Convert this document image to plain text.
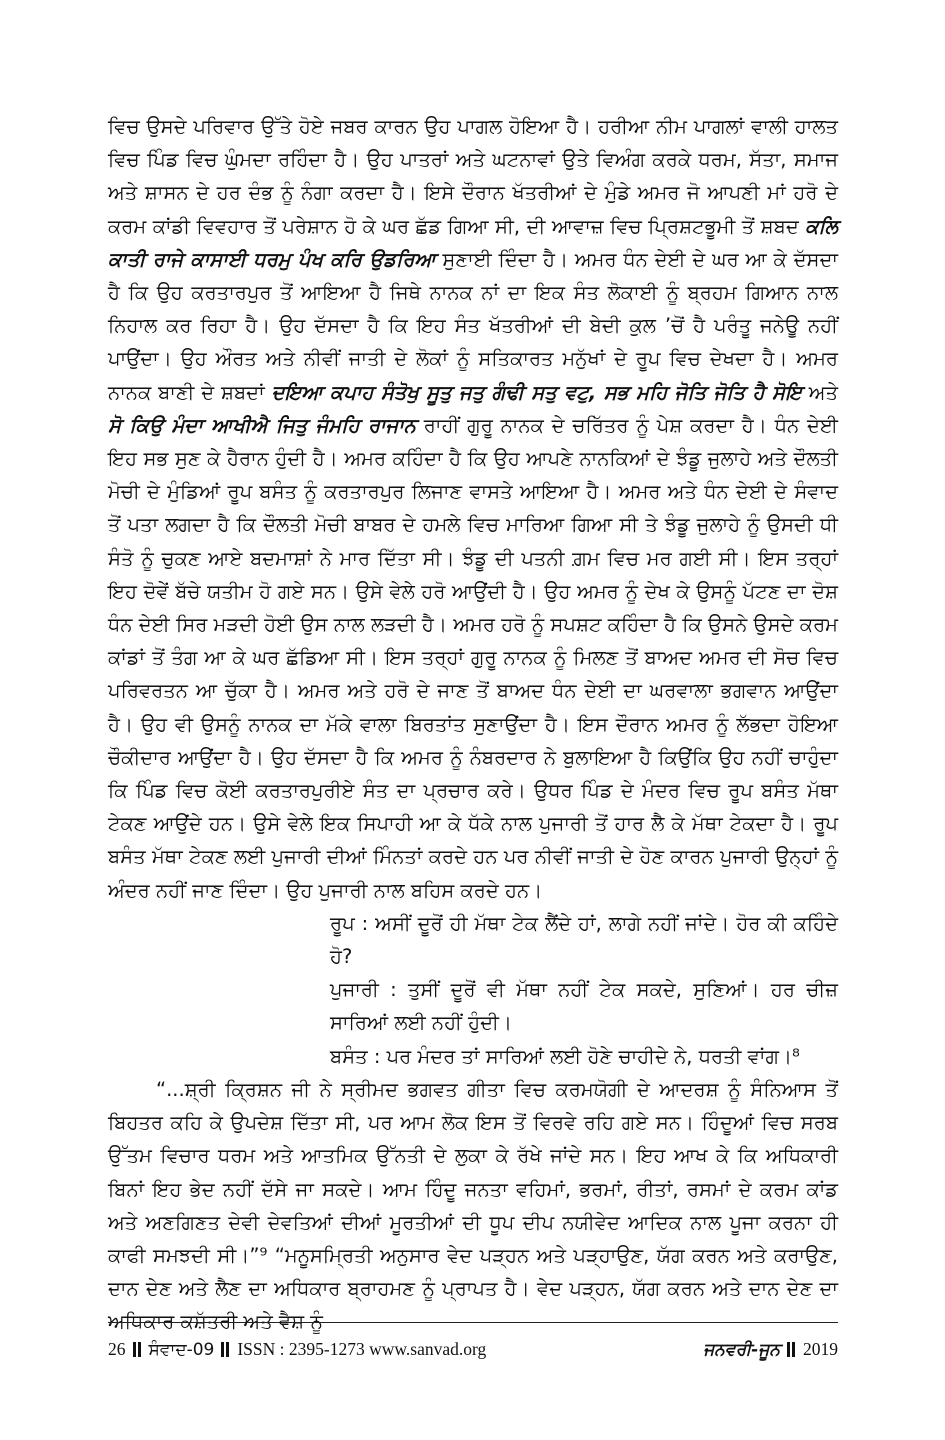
ਵਿਚ ਉਸਦੇ ਪਰਿਵਾਰ ਉੱਤੇ ਹੋਏ ਜਬਰ ਕਾਰਨ ਉਹ ਪਾਗਲ ਹੋਇਆ ਹੈ। ਹਰੀਆ ਨੀਮ ਪਾਗਲਾਂ ਵਾਲੀ ਹਾਲਤ ਵਿਚ ਪਿੰਡ ਵਿਚ ਘੁੰਮਦਾ ਰਹਿੰਦਾ ਹੈ। ਉਹ ਪਾਤਰਾਂ ਅਤੇ ਘਟਨਾਵਾਂ ਉਤੇ ਵਿਅੰਗ ਕਰਕੇ ਧਰਮ, ਸੱਤਾ, ਸਮਾਜ ਅਤੇ ਸ਼ਾਸਨ ਦੇ ਹਰ ਦੰਭ ਨੂੰ ਨੰਗਾ ਕਰਦਾ ਹੈ। ਇਸੇ ਦੌਰਾਨ ਖੱਤਰੀਆਂ ਦੇ ਮੁੰਡੇ ਅਮਰ ਜੋ ਆਪਣੀ ਮਾਂ ਹਰੋ ਦੇ ਕਰਮ ਕਾਂਡੀ ਵਿਵਹਾਰ ਤੋਂ ਪਰੇਸ਼ਾਨ ਹੋ ਕੇ ਘਰ ਛੱਡ ਗਿਆ ਸੀ, ਦੀ ਆਵਾਜ਼ ਵਿਚ ਪ੍ਰਿਸ਼ਟਭੂਮੀ ਤੋਂ ਸ਼ਬਦ ਕਲਿ ਕਾਤੀ ਰਾਜੇ ਕਾਸਾਈ ਧਰਮੁ ਪੰਖ ਕਰਿ ਉਡਰਿਆ ਸੁਣਾਈ ਦਿੰਦਾ ਹੈ। ਅਮਰ ਧੰਨ ਦੇਈ ਦੇ ਘਰ ਆ ਕੇ ਦੱਸਦਾ ਹੈ ਕਿ ਉਹ ਕਰਤਾਰਪੁਰ ਤੋਂ ਆਇਆ ਹੈ ਜਿਥੇ ਨਾਨਕ ਨਾਂ ਦਾ ਇਕ ਸੰਤ ਲੋਕਾਈ ਨੂੰ ਬ੍ਰਹਮ ਗਿਆਨ ਨਾਲ ਨਿਹਾਲ ਕਰ ਰਿਹਾ ਹੈ। ਉਹ ਦੱਸਦਾ ਹੈ ਕਿ ਇਹ ਸੰਤ ਖੱਤਰੀਆਂ ਦੀ ਬੇਦੀ ਕੁਲ ’ਚੋਂ ਹੈ ਪਰੰਤੂ ਜਨੇਊ ਨਹੀਂ ਪਾਉਂਦਾ। ਉਹ ਔਰਤ ਅਤੇ ਨੀਵੀਂ ਜਾਤੀ ਦੇ ਲੋਕਾਂ ਨੂੰ ਸਤਿਕਾਰਤ ਮਨੁੱਖਾਂ ਦੇ ਰੂਪ ਵਿਚ ਦੇਖਦਾ ਹੈ। ਅਮਰ ਨਾਨਕ ਬਾਣੀ ਦੇ ਸ਼ਬਦਾਂ ਦਇਆ ਕਪਾਹ ਸੰਤੋਖੁ ਸੂਤੁ ਜਤੁ ਗੰਢੀ ਸਤੁ ਵਟੁ, ਸਭ ਮਹਿ ਜੋਤਿ ਜੋਤਿ ਹੈ ਸੋਇ ਅਤੇ ਸੋ ਕਿਉ ਮੰਦਾ ਆਖੀਐ ਜਿਤੁ ਜੰਮਹਿ ਰਾਜਾਨ ਰਾਹੀਂ ਗੁਰੂ ਨਾਨਕ ਦੇ ਚਰਿੱਤਰ ਨੂੰ ਪੇਸ਼ ਕਰਦਾ ਹੈ। ਧੰਨ ਦੇਈ ਇਹ ਸਭ ਸੁਣ ਕੇ ਹੈਰਾਨ ਹੁੰਦੀ ਹੈ। ਅਮਰ ਕਹਿੰਦਾ ਹੈ ਕਿ ਉਹ ਆਪਣੇ ਨਾਨਕਿਆਂ ਦੇ ਝੰਡੂ ਜੁਲਾਹੇ ਅਤੇ ਦੌਲਤੀ ਮੋਚੀ ਦੇ ਮੁੰਡਿਆਂ ਰੂਪ ਬਸੰਤ ਨੂੰ ਕਰਤਾਰਪੁਰ ਲਿਜਾਣ ਵਾਸਤੇ ਆਇਆ ਹੈ। ਅਮਰ ਅਤੇ ਧੰਨ ਦੇਈ ਦੇ ਸੰਵਾਦ ਤੋਂ ਪਤਾ ਲਗਦਾ ਹੈ ਕਿ ਦੌਲਤੀ ਮੋਚੀ ਬਾਬਰ ਦੇ ਹਮਲੇ ਵਿਚ ਮਾਰਿਆ ਗਿਆ ਸੀ ਤੇ ਝੰਡੂ ਜੁਲਾਹੇ ਨੂੰ ਉਸਦੀ ਧੀ ਸੰਤੋ ਨੂੰ ਚੁਕਣ ਆਏ ਬਦਮਾਸ਼ਾਂ ਨੇ ਮਾਰ ਦਿੱਤਾ ਸੀ। ਝੰਡੂ ਦੀ ਪਤਨੀ ਗ਼ਮ ਵਿਚ ਮਰ ਗਈ ਸੀ। ਇਸ ਤਰ੍ਹਾਂ ਇਹ ਦੋਵੇਂ ਬੱਚੇ ਯਤੀਮ ਹੋ ਗਏ ਸਨ। ਉਸੇ ਵੇਲੇ ਹਰੋ ਆਉਂਦੀ ਹੈ। ਉਹ ਅਮਰ ਨੂੰ ਦੇਖ ਕੇ ਉਸਨੂੰ ਪੱਟਣ ਦਾ ਦੋਸ਼ ਧੰਨ ਦੇਈ ਸਿਰ ਮੜਦੀ ਹੋਈ ਉਸ ਨਾਲ ਲੜਦੀ ਹੈ। ਅਮਰ ਹਰੋ ਨੂੰ ਸਪਸ਼ਟ ਕਹਿੰਦਾ ਹੈ ਕਿ ਉਸਨੇ ਉਸਦੇ ਕਰਮ ਕਾਂਡਾਂ ਤੋਂ ਤੰਗ ਆ ਕੇ ਘਰ ਛੱਡਿਆ ਸੀ। ਇਸ ਤਰ੍ਹਾਂ ਗੁਰੂ ਨਾਨਕ ਨੂੰ ਮਿਲਣ ਤੋਂ ਬਾਅਦ ਅਮਰ ਦੀ ਸੋਚ ਵਿਚ ਪਰਿਵਰਤਨ ਆ ਚੁੱਕਾ ਹੈ। ਅਮਰ ਅਤੇ ਹਰੋ ਦੇ ਜਾਣ ਤੋਂ ਬਾਅਦ ਧੰਨ ਦੇਈ ਦਾ ਘਰਵਾਲਾ ਭਗਵਾਨ ਆਉਂਦਾ ਹੈ। ਉਹ ਵੀ ਉਸਨੂੰ ਨਾਨਕ ਦਾ ਮੱਕੇ ਵਾਲਾ ਬਿਰਤਾਂਤ ਸੁਣਾਉਂਦਾ ਹੈ। ਇਸ ਦੌਰਾਨ ਅਮਰ ਨੂੰ ਲੱਭਦਾ ਹੋਇਆ ਚੌਕੀਦਾਰ ਆਉਂਦਾ ਹੈ। ਉਹ ਦੱਸਦਾ ਹੈ ਕਿ ਅਮਰ ਨੂੰ ਨੰਬਰਦਾਰ ਨੇ ਬੁਲਾਇਆ ਹੈ ਕਿਉਂਕਿ ਉਹ ਨਹੀਂ ਚਾਹੁੰਦਾ ਕਿ ਪਿੰਡ ਵਿਚ ਕੋਈ ਕਰਤਾਰਪੁਰੀਏ ਸੰਤ ਦਾ ਪ੍ਰਚਾਰ ਕਰੇ। ਉਧਰ ਪਿੰਡ ਦੇ ਮੰਦਰ ਵਿਚ ਰੂਪ ਬਸੰਤ ਮੱਥਾ ਟੇਕਣ ਆਉਂਦੇ ਹਨ। ਉਸੇ ਵੇਲੇ ਇਕ ਸਿਪਾਹੀ ਆ ਕੇ ਧੱਕੇ ਨਾਲ ਪੁਜਾਰੀ ਤੋਂ ਹਾਰ ਲੈ ਕੇ ਮੱਥਾ ਟੇਕਦਾ ਹੈ। ਰੂਪ ਬਸੰਤ ਮੱਥਾ ਟੇਕਣ ਲਈ ਪੁਜਾਰੀ ਦੀਆਂ ਮਿੰਨਤਾਂ ਕਰਦੇ ਹਨ ਪਰ ਨੀਵੀਂ ਜਾਤੀ ਦੇ ਹੋਣ ਕਾਰਨ ਪੁਜਾਰੀ ਉਨ੍ਹਾਂ ਨੂੰ ਅੰਦਰ ਨਹੀਂ ਜਾਣ ਦਿੰਦਾ। ਉਹ ਪੁਜਾਰੀ ਨਾਲ ਬਹਿਸ ਕਰਦੇ ਹਨ।

ਰੂਪ : ਅਸੀਂ ਦੂਰੋਂ ਹੀ ਮੱਥਾ ਟੇਕ ਲੈਂਦੇ ਹਾਂ, ਲਾਗੇ ਨਹੀਂ ਜਾਂਦੇ। ਹੋਰ ਕੀ ਕਹਿੰਦੇ ਹੋ?

ਪੁਜਾਰੀ : ਤੁਸੀਂ ਦੂਰੋਂ ਵੀ ਮੱਥਾ ਨਹੀਂ ਟੇਕ ਸਕਦੇ, ਸੁਣਿਆਂ। ਹਰ ਚੀਜ਼ ਸਾਰਿਆਂ ਲਈ ਨਹੀਂ ਹੁੰਦੀ।

ਬਸੰਤ : ਪਰ ਮੰਦਰ ਤਾਂ ਸਾਰਿਆਂ ਲਈ ਹੋਣੇ ਚਾਹੀਦੇ ਨੇ, ਧਰਤੀ ਵਾਂਗ।⁸

“...ਸ਼੍ਰੀ ਕ੍ਰਿਸ਼ਨ ਜੀ ਨੇ ਸ੍ਰੀਮਦ ਭਗਵਤ ਗੀਤਾ ਵਿਚ ਕਰਮਯੋਗੀ ਦੇ ਆਦਰਸ਼ ਨੂੰ ਸੰਨਿਆਸ ਤੋਂ ਬਿਹਤਰ ਕਹਿ ਕੇ ਉਪਦੇਸ਼ ਦਿੱਤਾ ਸੀ, ਪਰ ਆਮ ਲੋਕ ਇਸ ਤੋਂ ਵਿਰਵੇ ਰਹਿ ਗਏ ਸਨ। ਹਿੰਦੂਆਂ ਵਿਚ ਸਰਬ ਉੱਤਮ ਵਿਚਾਰ ਧਰਮ ਅਤੇ ਆਤਮਿਕ ਉੱਨਤੀ ਦੇ ਲੁਕਾ ਕੇ ਰੱਖੇ ਜਾਂਦੇ ਸਨ। ਇਹ ਆਖ ਕੇ ਕਿ ਅਧਿਕਾਰੀ ਬਿਨਾਂ ਇਹ ਭੇਦ ਨਹੀਂ ਦੱਸੇ ਜਾ ਸਕਦੇ। ਆਮ ਹਿੰਦੂ ਜਨਤਾ ਵਹਿਮਾਂ, ਭਰਮਾਂ, ਰੀਤਾਂ, ਰਸਮਾਂ ਦੇ ਕਰਮ ਕਾਂਡ ਅਤੇ ਅਣਗਿਣਤ ਦੇਵੀ ਦੇਵਤਿਆਂ ਦੀਆਂ ਮੂਰਤੀਆਂ ਦੀ ਧੂਪ ਦੀਪ ਨਯੀਵੇਦ ਆਦਿਕ ਨਾਲ ਪੂਜਾ ਕਰਨਾ ਹੀ ਕਾਫੀ ਸਮਝਦੀ ਸੀ।”⁹ “ਮਨੂਸਮ੍ਰਿਤੀ ਅਨੁਸਾਰ ਵੇਦ ਪੜ੍ਹਨ ਅਤੇ ਪੜ੍ਹਾਉਣ, ਯੱਗ ਕਰਨ ਅਤੇ ਕਰਾਉਣ, ਦਾਨ ਦੇਣ ਅਤੇ ਲੈਣ ਦਾ ਅਧਿਕਾਰ ਬ੍ਰਾਹਮਣ ਨੂੰ ਪ੍ਰਾਪਤ ਹੈ। ਵੇਦ ਪੜ੍ਹਨ, ਯੱਗ ਕਰਨ ਅਤੇ ਦਾਨ ਦੇਣ ਦਾ ਅਧਿਕਾਰ ਕਸ਼ੱਤਰੀ ਅਤੇ ਵੈਸ਼ ਨੂੰ

26 ਸੰਵਾਦ-09 ISSN : 2395-1273 www.sanvad.org	ਜਨਵਰੀ-ਜੂਨ 2019
